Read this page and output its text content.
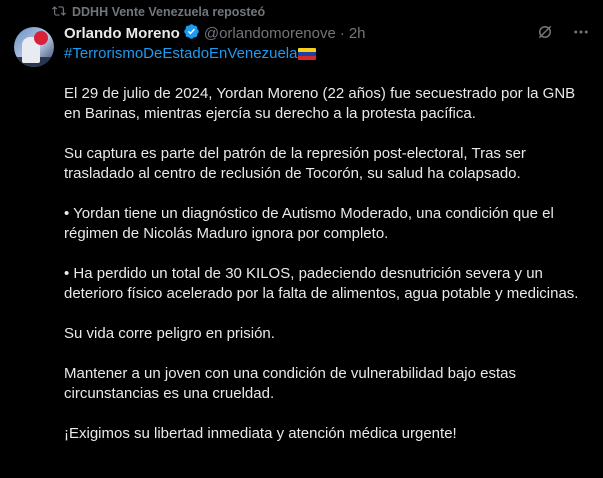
DDHH Vente Venezuela reposteó
Orlando Moreno @orlandomorenove · 2h
#TerrorismoDeEstadoEnVenezuela

El 29 de julio de 2024, Yordan Moreno (22 años) fue secuestrado por la GNB en Barinas, mientras ejercía su derecho a la protesta pacífica.

Su captura es parte del patrón de la represión post-electoral, Tras ser trasladado al centro de reclusión de Tocorón, su salud ha colapsado.

• Yordan tiene un diagnóstico de Autismo Moderado, una condición que el régimen de Nicolás Maduro ignora por completo.

• Ha perdido un total de 30 KILOS, padeciendo desnutrición severa y un deterioro físico acelerado por la falta de alimentos, agua potable y medicinas.

Su vida corre peligro en prisión.

Mantener a un joven con una condición de vulnerabilidad bajo estas circunstancias es una crueldad.

¡Exigimos su libertad inmediata y atención médica urgente!
